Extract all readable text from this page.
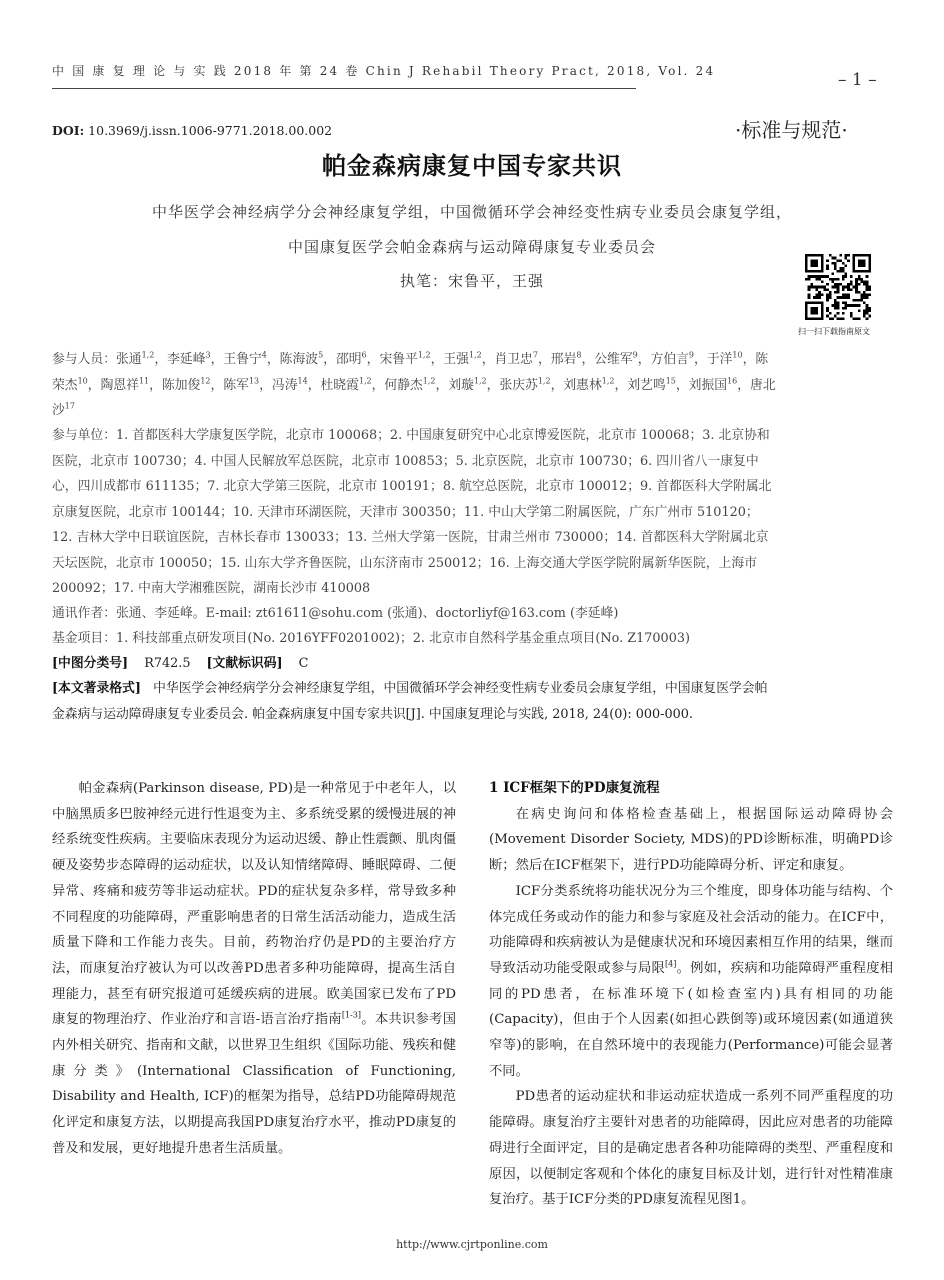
中 国 康 复 理 论 与 实 践 2018 年 第 24 卷 Chin J Rehabil Theory Pract, 2018, Vol. 24	– 1 –
DOI: 10.3969/j.issn.1006-9771.2018.00.002	·标准与规范·
帕金森病康复中国专家共识
中华医学会神经病学分会神经康复学组，中国微循环学会神经变性病专业委员会康复学组，
中国康复医学会帕金森病与运动障碍康复专业委员会
执笔：宋鲁平，王强
扫一扫下载指南原文
参与人员：张通$^{1,2}$，李延峰$^3$，王鲁宁$^4$，陈海波$^5$，邵明$^6$，宋鲁平$^{1,2}$，王强$^{1,2}$，肖卫忠$^7$，邢岩$^8$，公维军$^9$，方伯言$^9$，于洋$^{10}$，陈荣杰$^{10}$，陶恩祥$^{11}$，陈加俊$^{12}$，陈军$^{13}$，冯涛$^{14}$，杜晓霞$^{1,2}$，何静杰$^{1,2}$，刘璇$^{1,2}$，张庆苏$^{1,2}$，刘惠林$^{1,2}$，刘艺鸣$^{15}$，刘振国$^{16}$，唐北沙$^{17}$
参与单位：1. 首都医科大学康复医学院，北京市 100068；2. 中国康复研究中心北京博爱医院，北京市 100068；3. 北京协和医院，北京市 100730；4. 中国人民解放军总医院，北京市 100853；5. 北京医院，北京市 100730；6. 四川省八一康复中心，四川成都市 611135；7. 北京大学第三医院，北京市 100191；8. 航空总医院，北京市 100012；9. 首都医科大学附属北京康复医院，北京市 100144；10. 天津市环湖医院，天津市 300350；11. 中山大学第二附属医院，广东广州市 510120；12. 吉林大学中日联谊医院，吉林长春市 130033；13. 兰州大学第一医院，甘肃兰州市 730000；14. 首都医科大学附属北京天坛医院，北京市 100050；15. 山东大学齐鲁医院，山东济南市 250012；16. 上海交通大学医学院附属新华医院，上海市 200092；17. 中南大学湘雅医院，湖南长沙市 410008
通讯作者：张通、李延峰。E-mail: zt61611@sohu.com (张通)、doctorliyf@163.com (李延峰)
基金项目：1. 科技部重点研发项目(No. 2016YFF0201002)；2. 北京市自然科学基金重点项目(No. Z170003)
[中图分类号] R742.5 [文献标识码] C
[本文著录格式] 中华医学会神经病学分会神经康复学组，中国微循环学会神经变性病专业委员会康复学组，中国康复医学会帕金森病与运动障碍康复专业委员会. 帕金森病康复中国专家共识[J]. 中国康复理论与实践, 2018, 24(0): 000-000.

帕金森病(Parkinson disease, PD)是一种常见于中老年人，以中脑黑质多巴胺神经元进行性退变为主、多系统受累的缓慢进展的神经系统变性疾病。主要临床表现分为运动迟缓、静止性震颤、肌肉僵硬及姿势步态障碍的运动症状，以及认知情绪障碍、睡眠障碍、二便异常、疼痛和疲劳等非运动症状。PD的症状复杂多样，常导致多种不同程度的功能障碍，严重影响患者的日常生活活动能力，造成生活质量下降和工作能力丧失。目前，药物治疗仍是PD的主要治疗方法，而康复治疗被认为可以改善PD患者多种功能障碍，提高生活自理能力，甚至有研究报道可延缓疾病的进展。欧美国家已发布了PD康复的物理治疗、作业治疗和言语-语言治疗指南[1-3]。本共识参考国内外相关研究、指南和文献，以世界卫生组织《国际功能、残疾和健康分类》(International Classification of Functioning, Disability and Health, ICF)的框架为指导，总结PD功能障碍规范化评定和康复方法，以期提高我国PD康复治疗水平，推动PD康复的普及和发展，更好地提升患者生活质量。

1 ICF框架下的PD康复流程

在病史询问和体格检查基础上，根据国际运动障碍协会(Movement Disorder Society, MDS)的PD诊断标准，明确PD诊断；然后在ICF框架下，进行PD功能障碍分析、评定和康复。

ICF分类系统将功能状况分为三个维度，即身体功能与结构、个体完成任务或动作的能力和参与家庭及社会活动的能力。在ICF中，功能障碍和疾病被认为是健康状况和环境因素相互作用的结果，继而导致活动功能受限或参与局限[4]。例如，疾病和功能障碍严重程度相同的PD患者，在标准环境下(如检查室内)具有相同的功能(Capacity)，但由于个人因素(如担心跌倒等)或环境因素(如通道狭窄等)的影响，在自然环境中的表现能力(Performance)可能会显著不同。

PD患者的运动症状和非运动症状造成一系列不同严重程度的功能障碍。康复治疗主要针对患者的功能障碍，因此应对患者的功能障碍进行全面评定，目的是确定患者各种功能障碍的类型、严重程度和原因，以便制定客观和个体化的康复目标及计划，进行针对性精准康复治疗。基于ICF分类的PD康复流程见图1。

http://www.cjrtponline.com
